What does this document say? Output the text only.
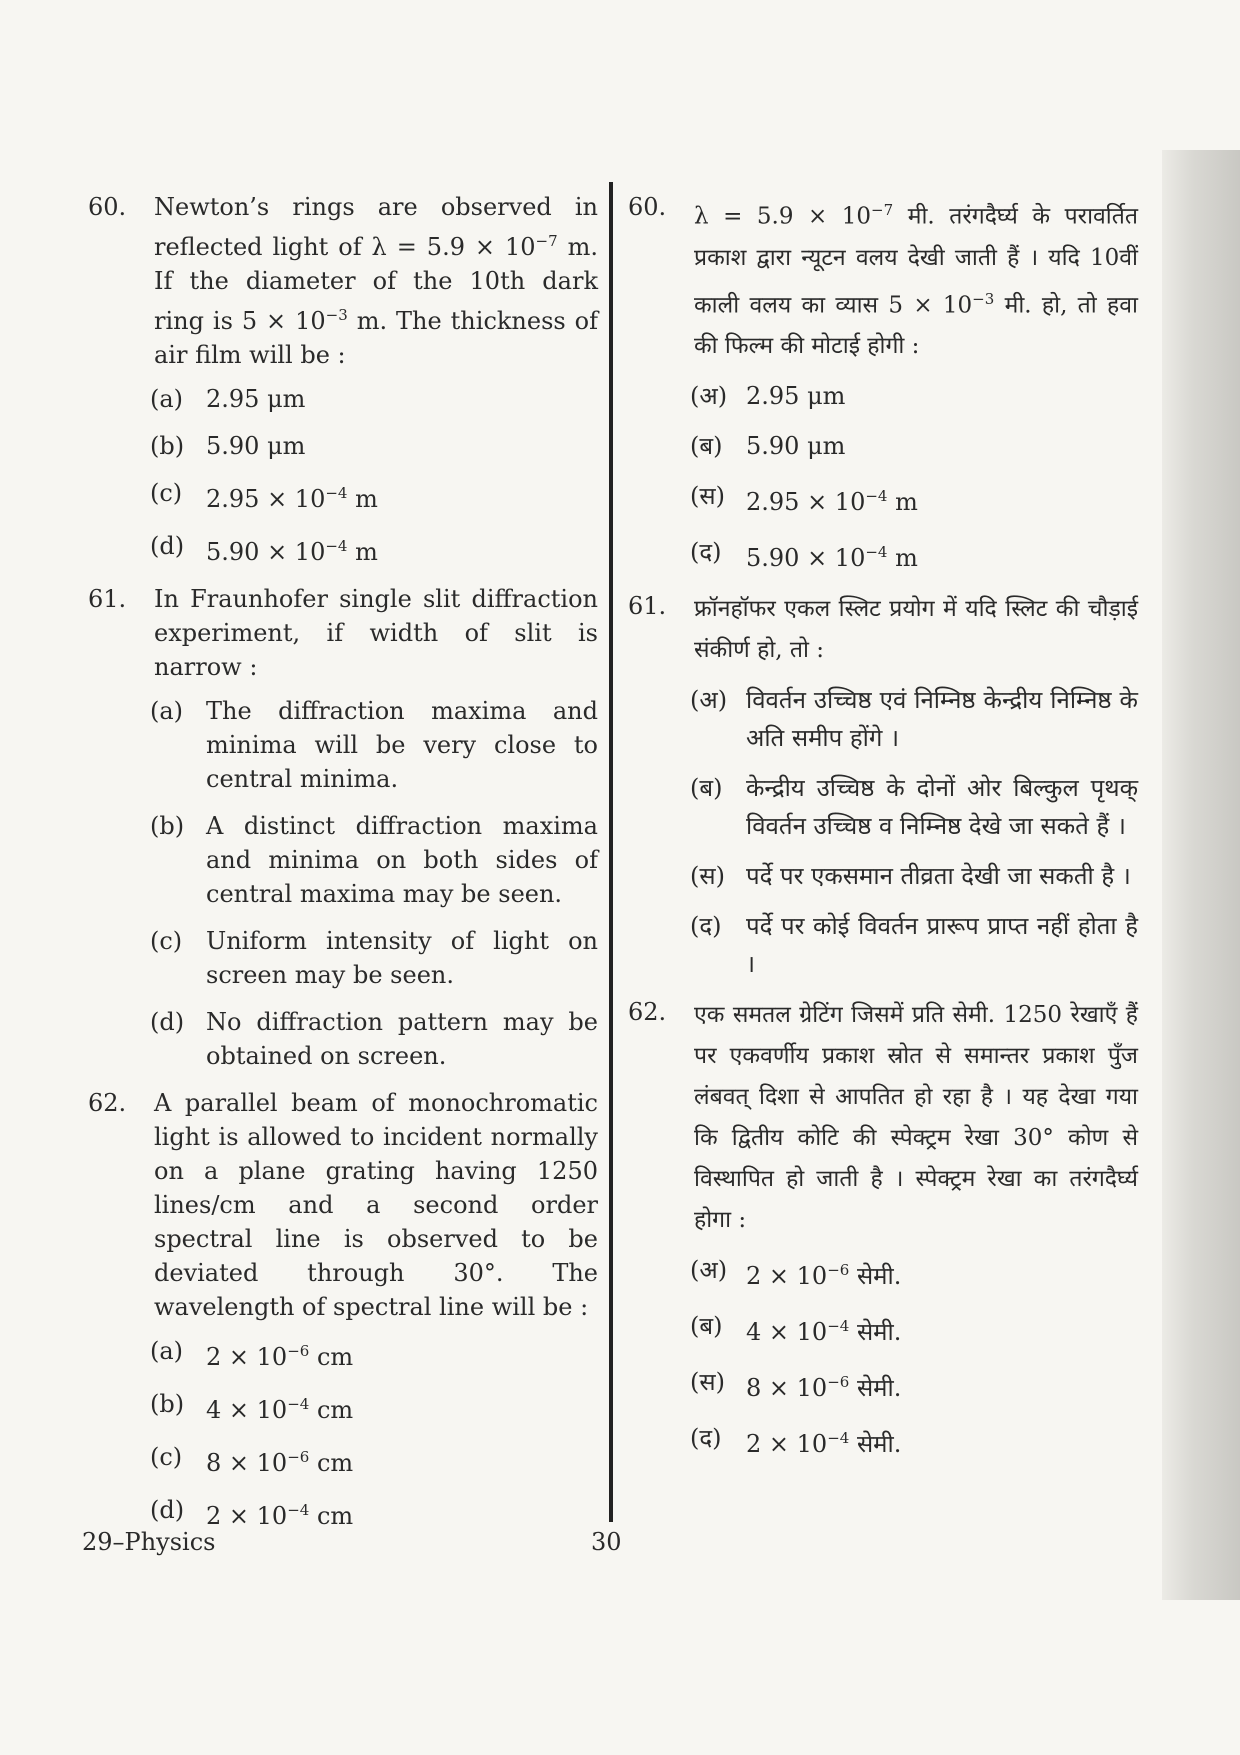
60. Newton’s rings are observed in reflected light of $\lambda = 5.9 \times 10^{-7}$ m. If the diameter of the 10th dark ring is $5 \times 10^{-3}$ m. The thickness of air film will be :
(a) 2.95 μm
(b) 5.90 μm
(c) $2.95 \times 10^{-4}$ m
(d) $5.90 \times 10^{-4}$ m
61. In Fraunhofer single slit diffraction experiment, if width of slit is narrow :
(a) The diffraction maxima and minima will be very close to central minima.
(b) A distinct diffraction maxima and minima on both sides of central maxima may be seen.
(c) Uniform intensity of light on screen may be seen.
(d) No diffraction pattern may be obtained on screen.
62. A parallel beam of monochromatic light is allowed to incident normally on a plane grating having 1250 lines/cm and a second order spectral line is observed to be deviated through 30°. The wavelength of spectral line will be :
(a) $2 \times 10^{-6}$ cm
(b) $4 \times 10^{-4}$ cm
(c) $8 \times 10^{-6}$ cm
(d) $2 \times 10^{-4}$ cm
60. $\lambda = 5.9 \times 10^{-7}$ मी. तरंगदैर्घ्य के परावर्तित प्रकाश द्वारा न्यूटन वलय देखी जाती हैं । यदि 10वीं काली वलय का व्यास $5 \times 10^{-3}$ मी. हो, तो हवा की फिल्म की मोटाई होगी :
(अ) 2.95 μm
(ब) 5.90 μm
(स) $2.95 \times 10^{-4}$ m
(द)	$5.90 \times 10^{-4}$ m
61. फ्रॉनहॉफर एकल स्लिट प्रयोग में यदि स्लिट की चौड़ाई संकीर्ण हो, तो :
(अ) विवर्तन उच्चिष्ठ एवं निम्निष्ठ केन्द्रीय निम्निष्ठ के अति समीप होंगे ।
(ब) केन्द्रीय उच्चिष्ठ के दोनों ओर बिल्कुल पृथक् विवर्तन उच्चिष्ठ व निम्निष्ठ देखे जा सकते हैं ।
(स) पर्दे पर एकसमान तीव्रता देखी जा सकती है ।
(द)	पर्दे पर कोई विवर्तन प्रारूप प्राप्त नहीं होता है ।
62. एक समतल ग्रेटिंग जिसमें प्रति सेमी. 1250 रेखाएँ हैं पर एकवर्णीय प्रकाश स्रोत से समान्तर प्रकाश पुँज लंबवत् दिशा से आपतित हो रहा है । यह देखा गया कि द्वितीय कोटि की स्पेक्ट्रम रेखा 30° कोण से विस्थापित हो जाती है । स्पेक्ट्रम रेखा का तरंगदैर्घ्य होगा :
(अ) $2 \times 10^{-6}$ सेमी.
(ब) $4 \times 10^{-4}$ सेमी.
(स) $8 \times 10^{-6}$ सेमी.
(द)	$2 \times 10^{-4}$ सेमी.
29–Physics	30
